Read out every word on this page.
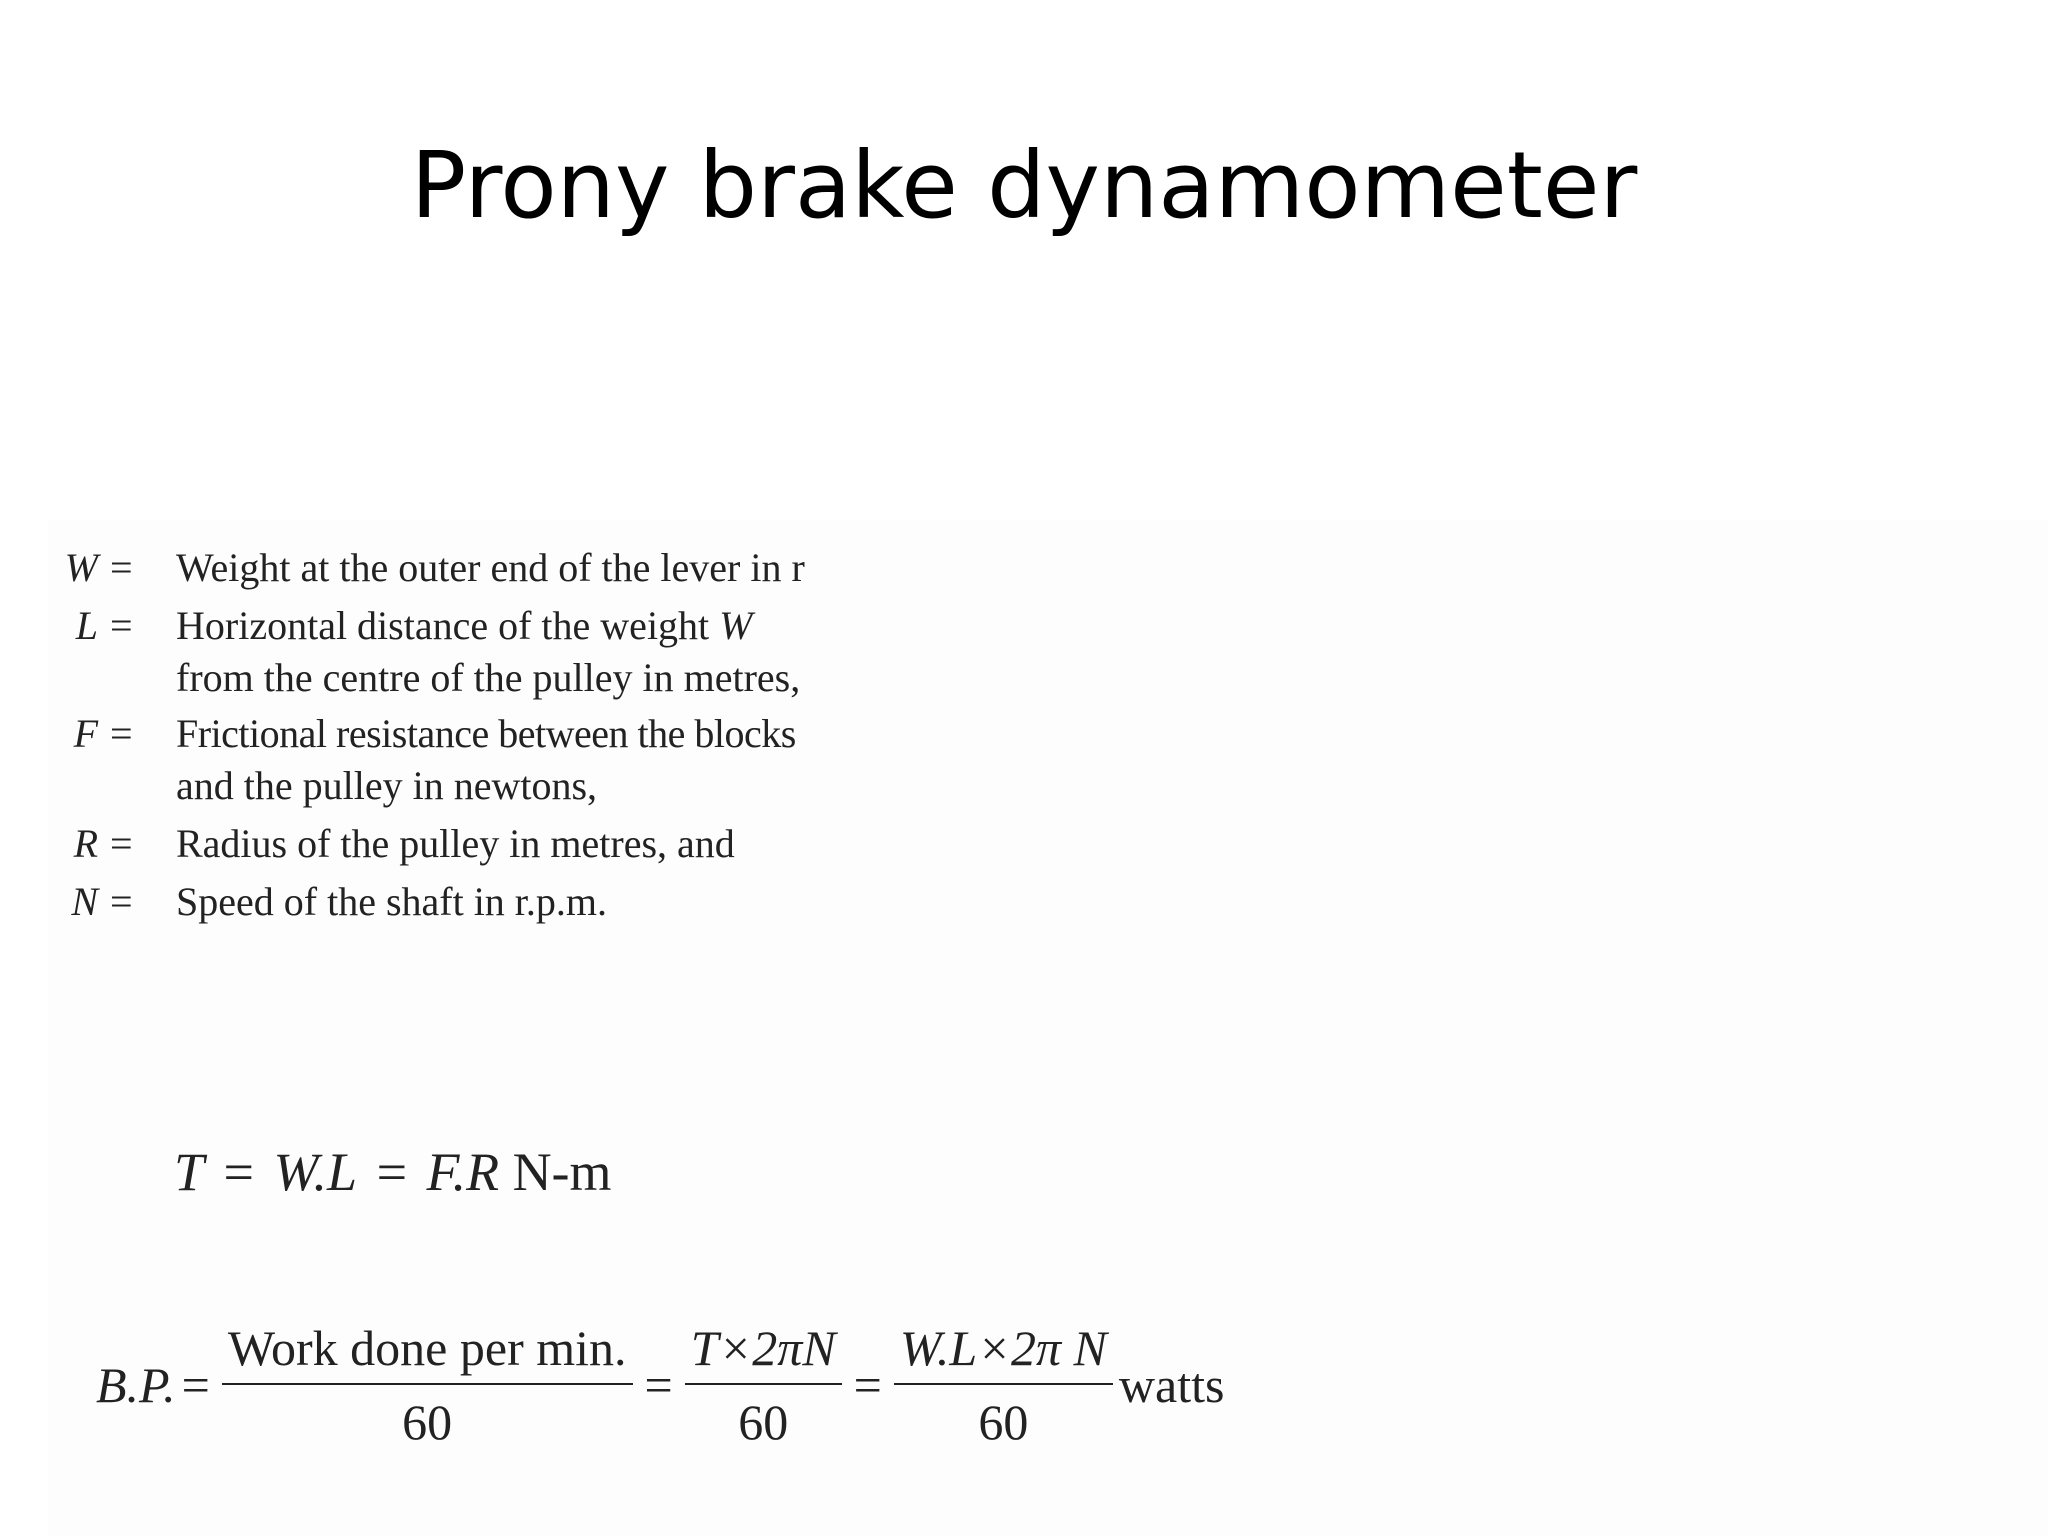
Prony brake dynamometer
W = Weight at the outer end of the lever in r
L = Horizontal distance of the weight W
from the centre of the pulley in metres,
F = Frictional resistance between the blocks
and the pulley in newtons,
R = Radius of the pulley in metres, and
N = Speed of the shaft in r.p.m.
T = W.L = F.R N-m
B.P. = $\frac{\text{Work done per min.}}{60} = \frac{T\times 2\pi N}{60} = \frac{\text{W.L×2π N}}{60}$ watts
